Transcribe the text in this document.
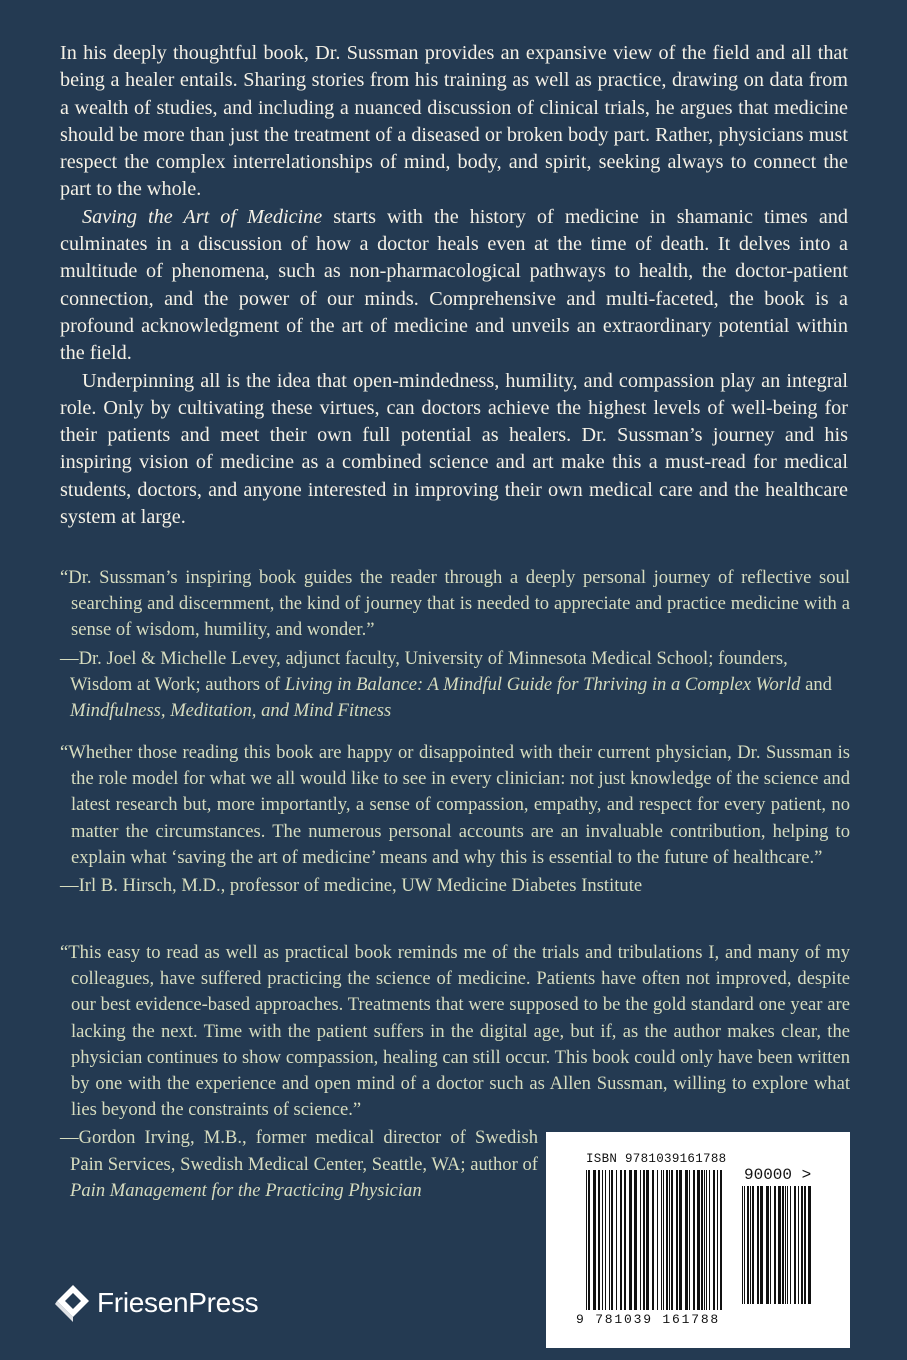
In his deeply thoughtful book, Dr. Sussman provides an expansive view of the field and all that being a healer entails. Sharing stories from his training as well as practice, drawing on data from a wealth of studies, and including a nuanced discussion of clinical trials, he argues that medicine should be more than just the treatment of a diseased or broken body part. Rather, physicians must respect the complex interrelationships of mind, body, and spirit, seeking always to connect the part to the whole.

Saving the Art of Medicine starts with the history of medicine in shamanic times and culminates in a discussion of how a doctor heals even at the time of death. It delves into a multitude of phenomena, such as non-pharmacological pathways to health, the doctor-patient connection, and the power of our minds. Comprehensive and multi-faceted, the book is a profound acknowledgment of the art of medicine and unveils an extraordinary potential within the field.

Underpinning all is the idea that open-mindedness, humility, and compassion play an integral role. Only by cultivating these virtues, can doctors achieve the highest levels of well-being for their patients and meet their own full potential as healers. Dr. Sussman’s journey and his inspiring vision of medicine as a combined science and art make this a must-read for medical students, doctors, and anyone interested in improving their own medical care and the healthcare system at large.

“Dr. Sussman’s inspiring book guides the reader through a deeply personal journey of reflective soul searching and discernment, the kind of journey that is needed to appreciate and practice medicine with a sense of wisdom, humility, and wonder.”

—Dr. Joel & Michelle Levey, adjunct faculty, University of Minnesota Medical School; founders, Wisdom at Work; authors of Living in Balance: A Mindful Guide for Thriving in a Complex World and Mindfulness, Meditation, and Mind Fitness

“Whether those reading this book are happy or disappointed with their current physician, Dr. Sussman is the role model for what we all would like to see in every clinician: not just knowledge of the science and latest research but, more importantly, a sense of compassion, empathy, and respect for every patient, no matter the circumstances. The numerous personal accounts are an invaluable contribution, helping to explain what ‘saving the art of medicine’ means and why this is essential to the future of healthcare.”

—Irl B. Hirsch, M.D., professor of medicine, UW Medicine Diabetes Institute

“This easy to read as well as practical book reminds me of the trials and tribulations I, and many of my colleagues, have suffered practicing the science of medicine. Patients have often not improved, despite our best evidence-based approaches. Treatments that were supposed to be the gold standard one year are lacking the next. Time with the patient suffers in the digital age, but if, as the author makes clear, the physician continues to show compassion, healing can still occur. This book could only have been written by one with the experience and open mind of a doctor such as Allen Sussman, willing to explore what lies beyond the constraints of science.”

—Gordon Irving, M.B., former medical director of Swedish Pain Services, Swedish Medical Center, Seattle, WA; author of Pain Management for the Practicing Physician

FriesenPress
ISBN 9781039161788
90000 >
9 781039 161788
